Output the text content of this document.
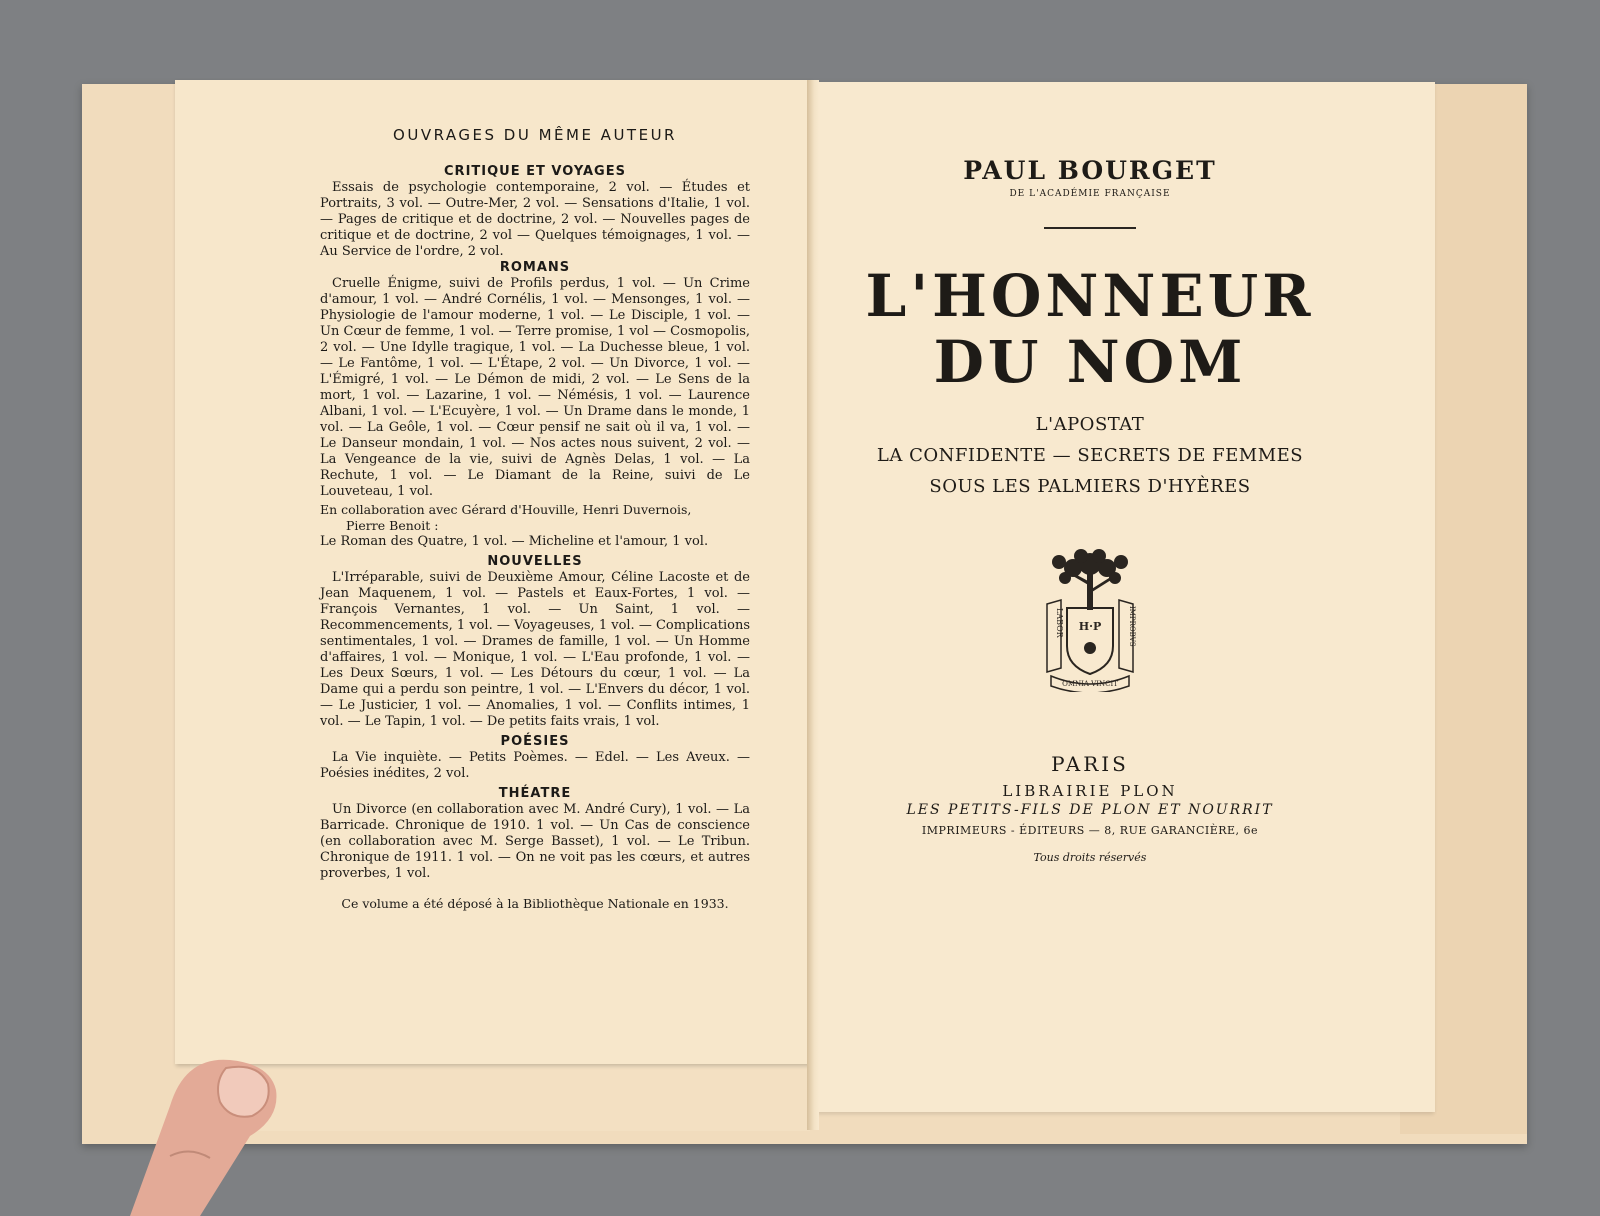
OUVRAGES DU MÊME AUTEUR
CRITIQUE ET VOYAGES

Essais de psychologie contemporaine, 2 vol. — Études et Portraits, 3 vol. — Outre-Mer, 2 vol. — Sensations d'Italie, 1 vol. — Pages de critique et de doctrine, 2 vol. — Nouvelles pages de critique et de doctrine, 2 vol — Quelques témoignages, 1 vol. — Au Service de l'ordre, 2 vol.

ROMANS

Cruelle Énigme, suivi de Profils perdus, 1 vol. — Un Crime d'amour, 1 vol. — André Cornélis, 1 vol. — Mensonges, 1 vol. — Physiologie de l'amour moderne, 1 vol. — Le Disciple, 1 vol. — Un Cœur de femme, 1 vol. — Terre promise, 1 vol — Cosmopolis, 2 vol. — Une Idylle tragique, 1 vol. — La Duchesse bleue, 1 vol. — Le Fantôme, 1 vol. — L'Étape, 2 vol. — Un Divorce, 1 vol. — L'Émigré, 1 vol. — Le Démon de midi, 2 vol. — Le Sens de la mort, 1 vol. — Lazarine, 1 vol. — Némésis, 1 vol. — Laurence Albani, 1 vol. — L'Ecuyère, 1 vol. — Un Drame dans le monde, 1 vol. — La Geôle, 1 vol. — Cœur pensif ne sait où il va, 1 vol. — Le Danseur mondain, 1 vol. — Nos actes nous suivent, 2 vol. — La Vengeance de la vie, suivi de Agnès Delas, 1 vol. — La Rechute, 1 vol. — Le Diamant de la Reine, suivi de Le Louveteau, 1 vol.

En collaboration avec Gérard d'Houville, Henri Duvernois,

Pierre Benoit :

Le Roman des Quatre, 1 vol. — Micheline et l'amour, 1 vol.

NOUVELLES

L'Irréparable, suivi de Deuxième Amour, Céline Lacoste et de Jean Maquenem, 1 vol. — Pastels et Eaux-Fortes, 1 vol. — François Vernantes, 1 vol. — Un Saint, 1 vol. — Recommencements, 1 vol. — Voyageuses, 1 vol. — Complications sentimentales, 1 vol. — Drames de famille, 1 vol. — Un Homme d'affaires, 1 vol. — Monique, 1 vol. — L'Eau profonde, 1 vol. — Les Deux Sœurs, 1 vol. — Les Détours du cœur, 1 vol. — La Dame qui a perdu son peintre, 1 vol. — L'Envers du décor, 1 vol. — Le Justicier, 1 vol. — Anomalies, 1 vol. — Conflits intimes, 1 vol. — Le Tapin, 1 vol. — De petits faits vrais, 1 vol.

POÉSIES

La Vie inquiète. — Petits Poèmes. — Edel. — Les Aveux. — Poésies inédites, 2 vol.

THÉATRE

Un Divorce (en collaboration avec M. André Cury), 1 vol. — La Barricade. Chronique de 1910. 1 vol. — Un Cas de conscience (en collaboration avec M. Serge Basset), 1 vol. — Le Tribun. Chronique de 1911. 1 vol. — On ne voit pas les cœurs, et autres proverbes, 1 vol.

Ce volume a été déposé à la Bibliothèque Nationale en 1933.

PAUL BOURGET

DE L'ACADÉMIE FRANÇAISE

L'HONNEUR

DU NOM

L'APOSTAT

LA CONFIDENTE — SECRETS DE FEMMES

SOUS LES PALMIERS D'HYÈRES

H·P
LABOR	IMPROBVS
OMNIA VINCIT

PARIS

LIBRAIRIE PLON

LES PETITS-FILS DE PLON ET NOURRIT

IMPRIMEURS - ÉDITEURS — 8, RUE GARANCIÈRE, 6e

Tous droits réservés
